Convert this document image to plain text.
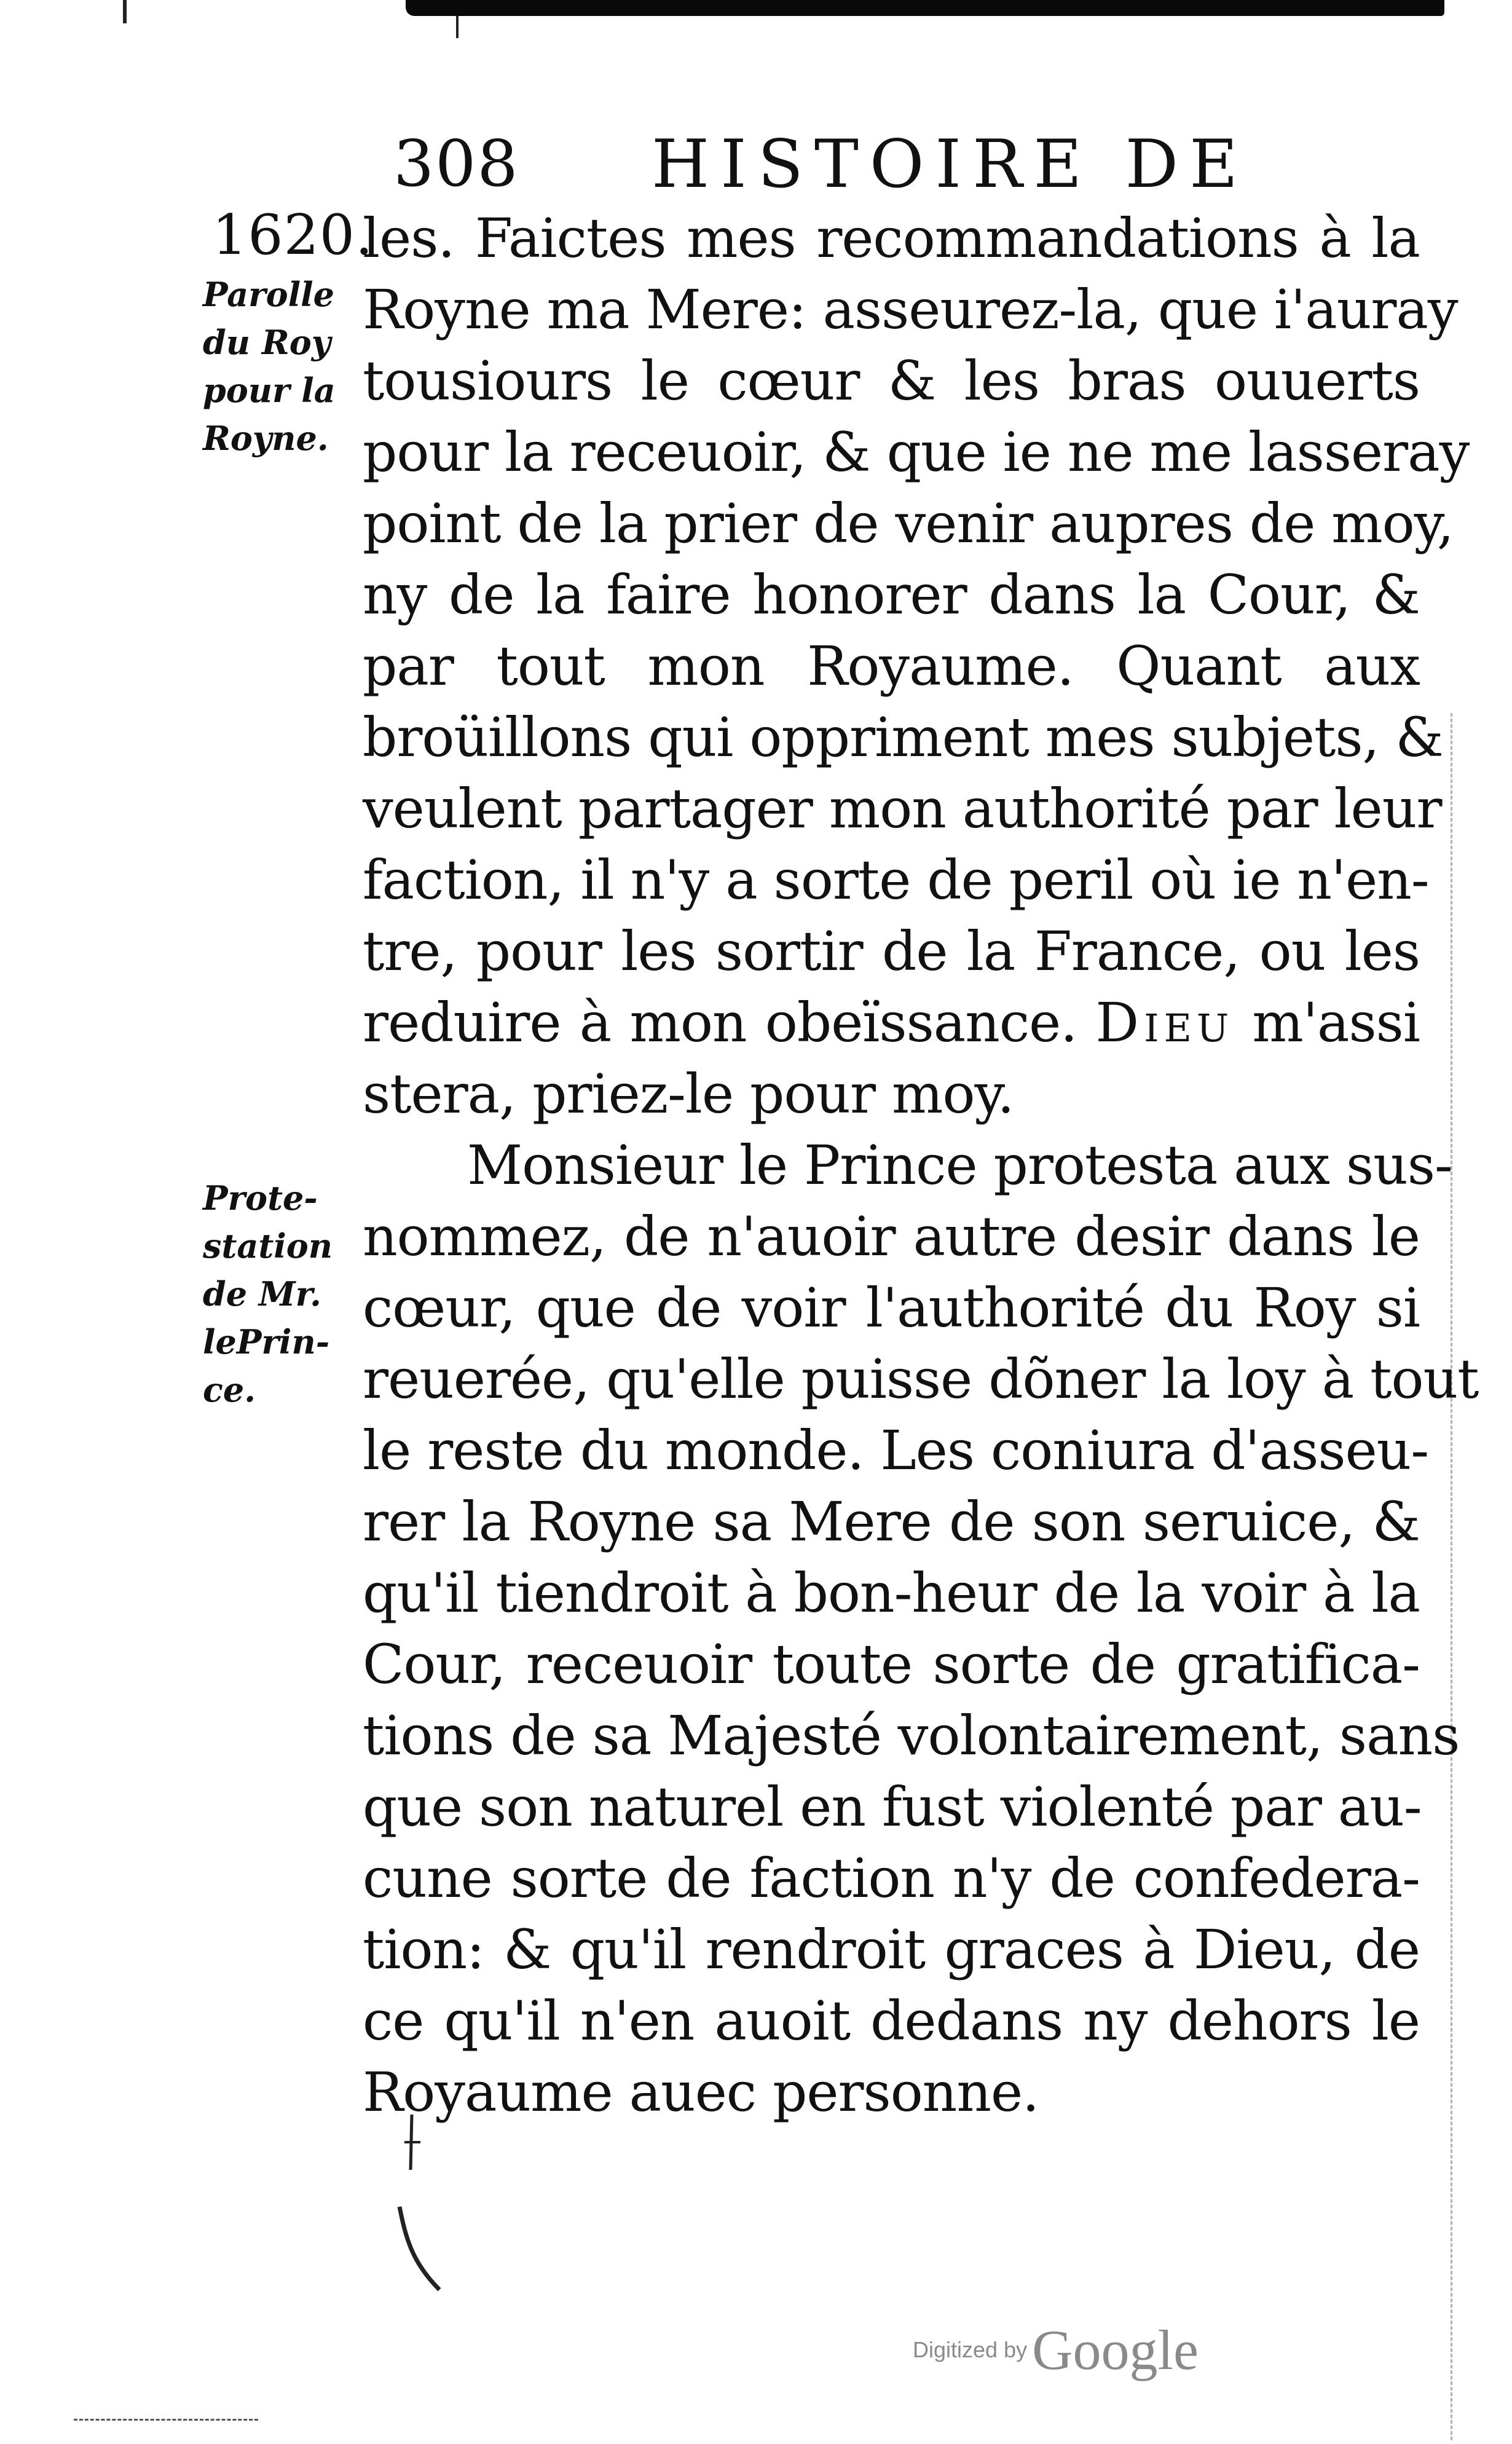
308 HISTOIRE DE
1620.
Parolle
du Roy
pour la
Royne.
Prote-
station
de Mr.
lePrin-
ce.
les. Faictes mes recommandations à la
Royne ma Mere: asseurez-la, que i'auray
tousiours le cœur & les bras ouuerts
pour la receuoir, & que ie ne me lasseray
point de la prier de venir aupres de moy,
ny de la faire honorer dans la Cour, &
par tout mon Royaume. Quant aux
broüillons qui oppriment mes subjets, &
veulent partager mon authorité par leur
faction, il n'y a sorte de peril où ie n'en-
tre, pour les sortir de la France, ou les
reduire à mon obeïssance. Dieu m'assi
stera, priez-le pour moy.
Monsieur le Prince protesta aux sus-
nommez, de n'auoir autre desir dans le
cœur, que de voir l'authorité du Roy si
reuerée, qu'elle puisse dõner la loy à tout
le reste du monde. Les coniura d'asseu-
rer la Royne sa Mere de son seruice, &
qu'il tiendroit à bon-heur de la voir à la
Cour, receuoir toute sorte de gratifica-
tions de sa Majesté volontairement, sans
que son naturel en fust violenté par au-
cune sorte de faction n'y de confedera-
tion: & qu'il rendroit graces à Dieu, de
ce qu'il n'en auoit dedans ny dehors le
Royaume auec personne.
Digitized byGoogle
